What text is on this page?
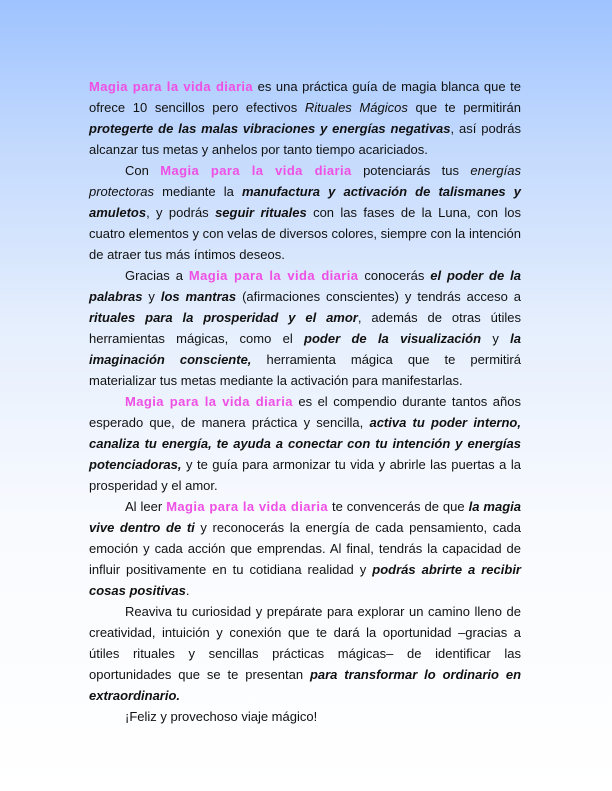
Magia para la vida diaria es una práctica guía de magia blanca que te ofrece 10 sencillos pero efectivos Rituales Mágicos que te permitirán protegerte de las malas vibraciones y energías negativas, así podrás alcanzar tus metas y anhelos por tanto tiempo acariciados.

Con Magia para la vida diaria potenciarás tus energías protectoras mediante la manufactura y activación de talismanes y amuletos, y podrás seguir rituales con las fases de la Luna, con los cuatro elementos y con velas de diversos colores, siempre con la intención de atraer tus más íntimos deseos.

Gracias a Magia para la vida diaria conocerás el poder de la palabras y los mantras (afirmaciones conscientes) y tendrás acceso a rituales para la prosperidad y el amor, además de otras útiles herramientas mágicas, como el poder de la visualización y la imaginación consciente, herramienta mágica que te permitirá materializar tus metas mediante la activación para manifestarlas.

Magia para la vida diaria es el compendio durante tantos años esperado que, de manera práctica y sencilla, activa tu poder interno, canaliza tu energía, te ayuda a conectar con tu intención y energías potenciadoras, y te guía para armonizar tu vida y abrirle las puertas a la prosperidad y el amor.

Al leer Magia para la vida diaria te convencerás de que la magia vive dentro de ti y reconocerás la energía de cada pensamiento, cada emoción y cada acción que emprendas. Al final, tendrás la capacidad de influir positivamente en tu cotidiana realidad y podrás abrirte a recibir cosas positivas.

Reaviva tu curiosidad y prepárate para explorar un camino lleno de creatividad, intuición y conexión que te dará la oportunidad –gracias a útiles rituales y sencillas prácticas mágicas– de identificar las oportunidades que se te presentan para transformar lo ordinario en extraordinario.

¡Feliz y provechoso viaje mágico!
